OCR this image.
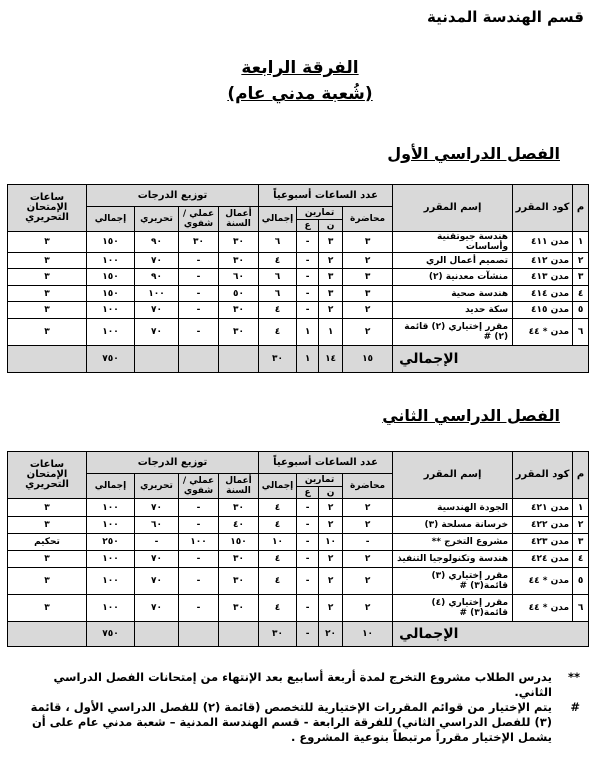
قسم الهندسة المدنية
الفرقة الرابعة
(شُعبة مدني عام)
الفصل الدراسي الأول
م	كود المقرر	إسم المقرر	عدد الساعات أسبوعياً				توزيع الدرجات				ساعات الإمتحان التحريري
			محاضرة	تمارين		إجمالي	أعمال السنة	عملي / شفوي	تحريري	إجمالي	
				ن	ع						
١	مدن ٤١١	هندسة جيوتقنية وأساسات	٣	٣	-	٦	٣٠	٣٠	٩٠	١٥٠	٣
٢	مدن ٤١٢	تصميم أعمال الري	٢	٢	-	٤	٣٠	-	٧٠	١٠٠	٣
٣	مدن ٤١٣	منشآت معدنية (٢)	٣	٣	-	٦	٦٠	-	٩٠	١٥٠	٣
٤	مدن ٤١٤	هندسة صحية	٣	٣	-	٦	٥٠	-	١٠٠	١٥٠	٣
٥	مدن ٤١٥	سكة حديد	٢	٢	-	٤	٣٠	-	٧٠	١٠٠	٣
٦	مدن * ٤٤	مقرر إختياري (٢) قائمة (٢) #	٢	١	١	٤	٣٠	-	٧٠	١٠٠	٣
الإجمالي			١٥	١٤	١	٣٠				٧٥٠	
الفصل الدراسي الثاني
م	كود المقرر	إسم المقرر	عدد الساعات أسبوعياً				توزيع الدرجات				ساعات الإمتحان التحريري
			محاضرة	تمارين		إجمالي	أعمال السنة	عملي / شفوي	تحريري	إجمالي	
				ن	ع						
١	مدن ٤٢١	الجودة الهندسية	٢	٢	-	٤	٣٠	-	٧٠	١٠٠	٣
٢	مدن ٤٢٢	خرسانة مسلحة (٣)	٢	٢	-	٤	٤٠	-	٦٠	١٠٠	٣
٣	مدن ٤٢٣	مشروع التخرج **	-	١٠	-	١٠	١٥٠	١٠٠	-	٢٥٠	تحكيم
٤	مدن ٤٢٤	هندسة وتكنولوجيا التنفيذ	٢	٢	-	٤	٣٠	-	٧٠	١٠٠	٣
٥	مدن * ٤٤	مقرر إختياري (٣) قائمة(٣) #	٢	٢	-	٤	٣٠	-	٧٠	١٠٠	٣
٦	مدن * ٤٤	مقرر إختياري (٤) قائمة(٣) #	٢	٢	-	٤	٣٠	-	٧٠	١٠٠	٣
الإجمالي			١٠	٢٠	-	٣٠				٧٥٠	
**
يدرس الطلاب مشروع التخرج لمدة أربعة أسابيع بعد الإنتهاء من إمتحانات الفصل الدراسي الثاني.
#
يتم الإختيار من قوائم المقررات الإختيارية للتخصص (قائمة (٢) للفصل الدراسي الأول ، قائمة (٣) للفصل الدراسي الثاني) للفرقة الرابعة - قسم الهندسة المدنية – شعبة مدني عام على أن يشمل الإختيار مقرراً مرتبطاً بنوعية المشروع .
